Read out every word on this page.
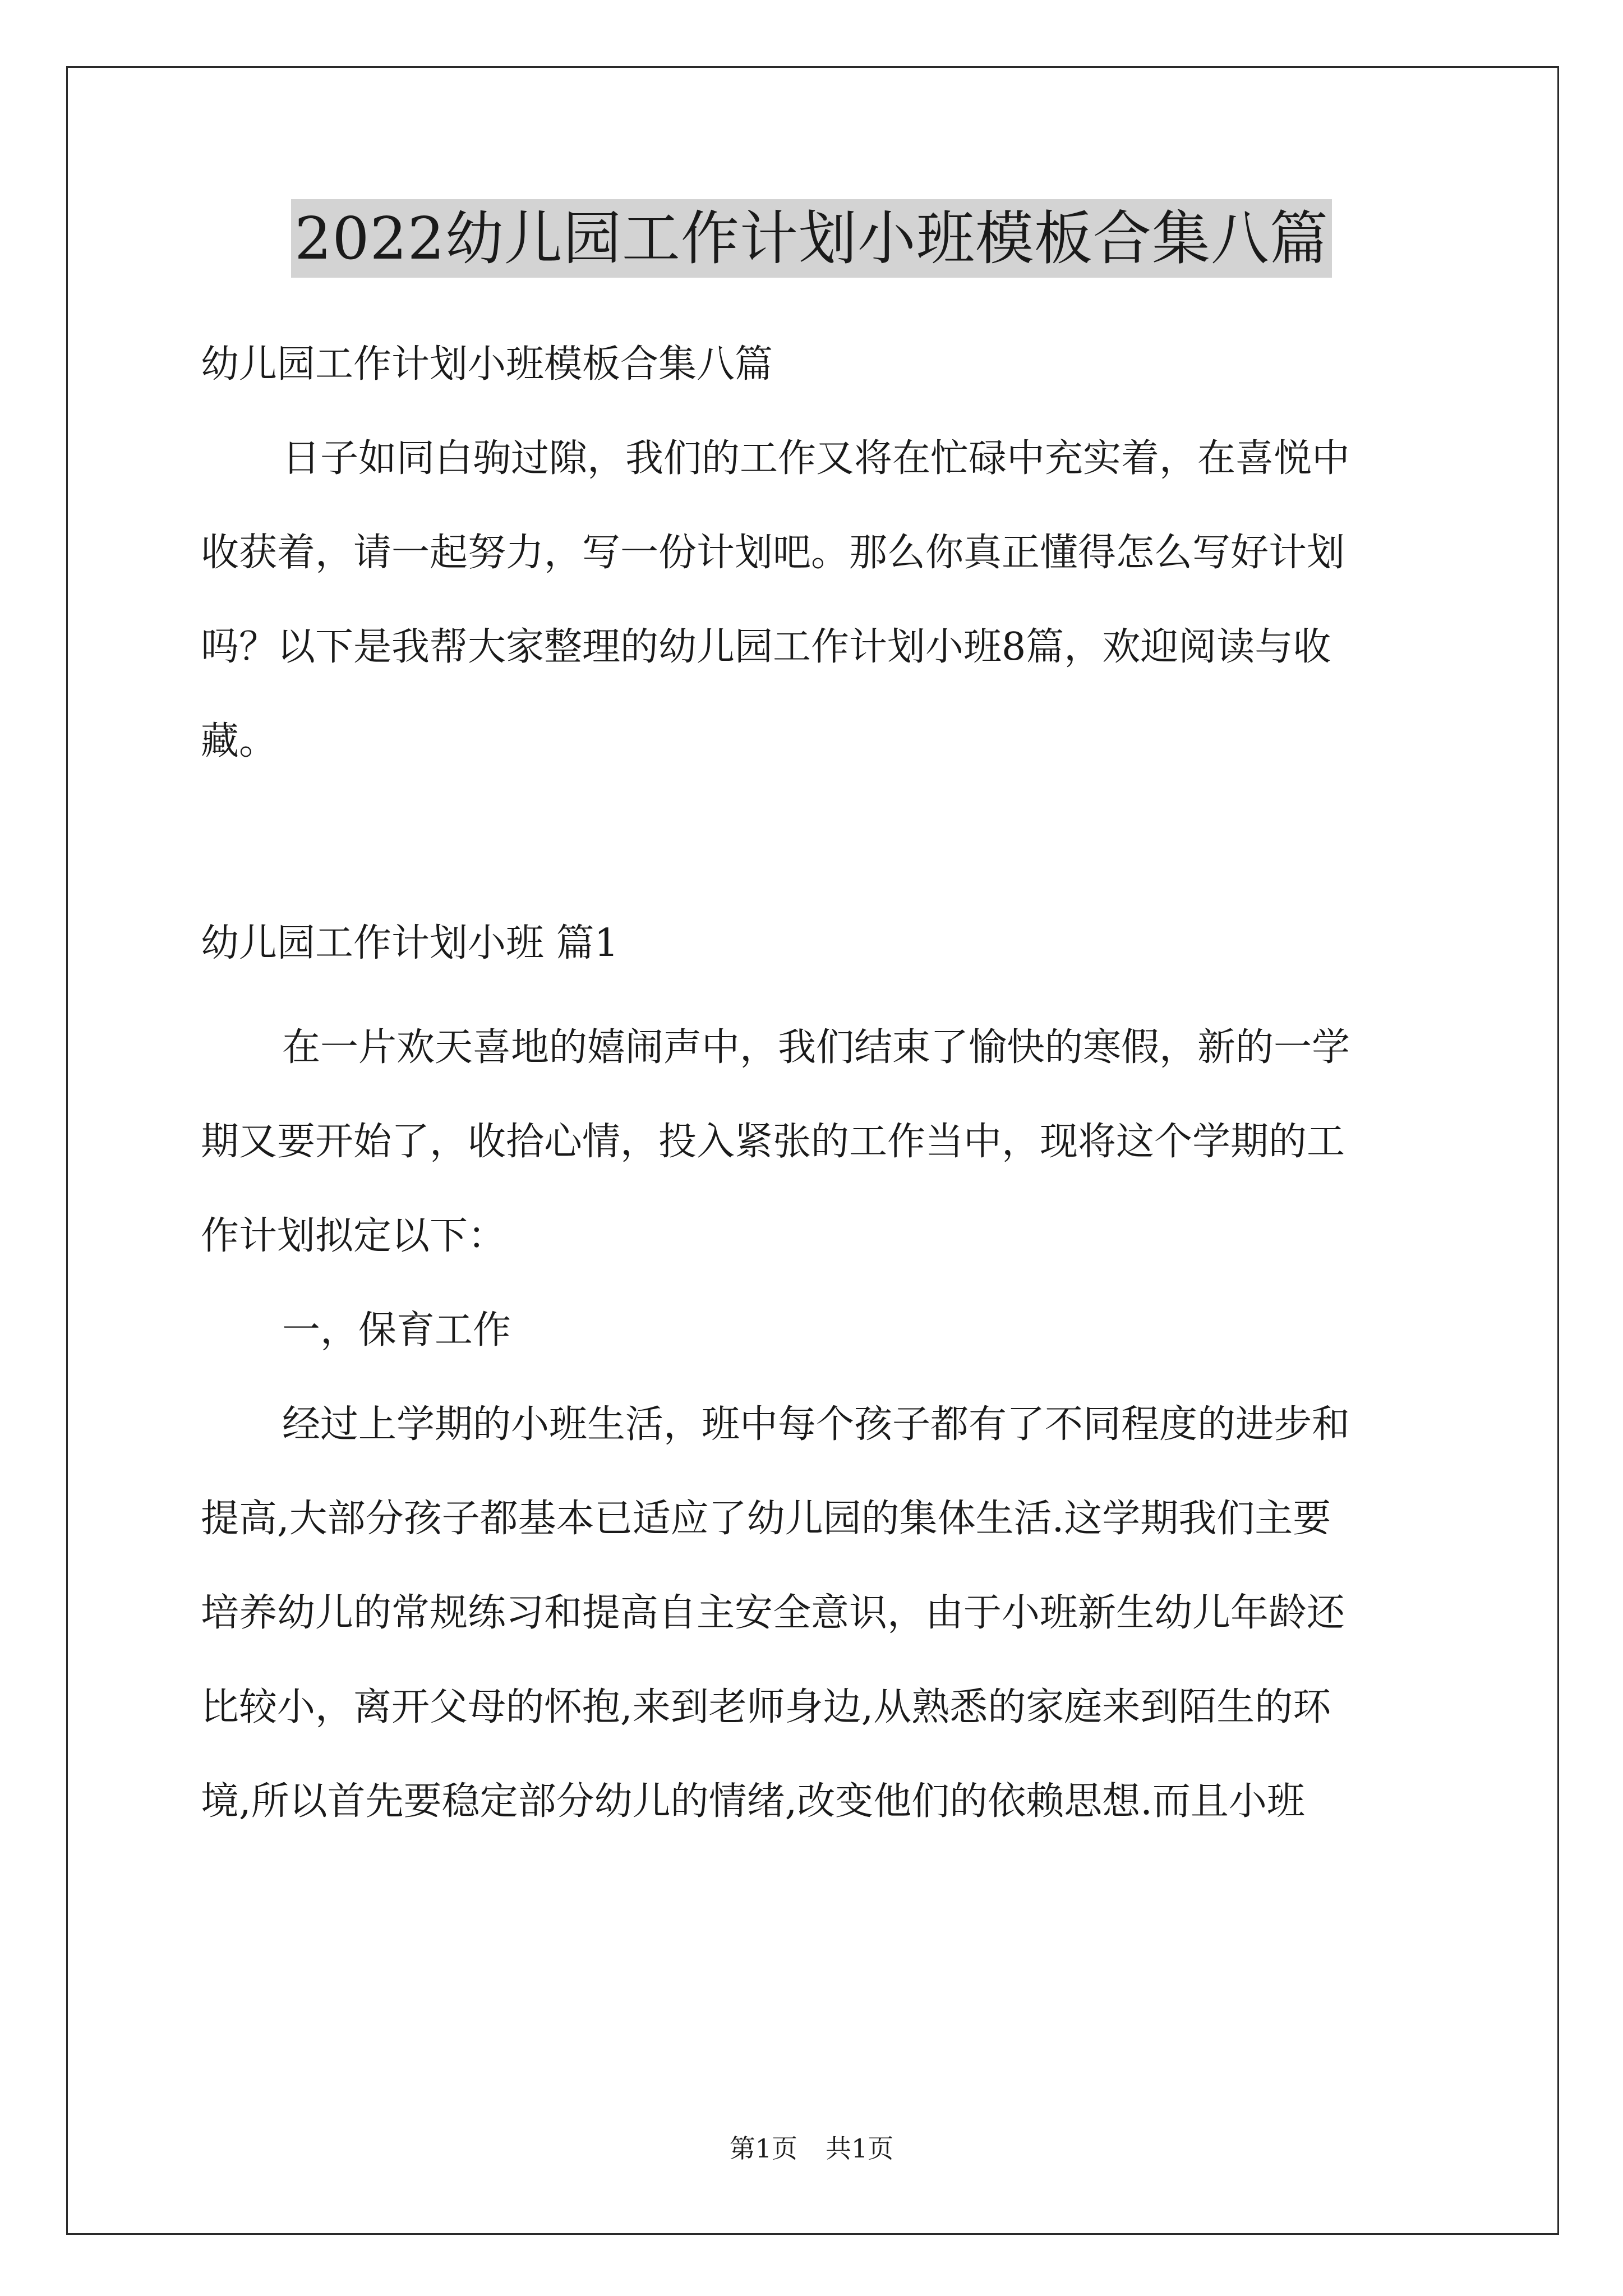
2022幼儿园工作计划小班模板合集八篇
幼儿园工作计划小班模板合集八篇
日子如同白驹过隙，我们的工作又将在忙碌中充实着，在喜悦中
收获着，请一起努力，写一份计划吧。那么你真正懂得怎么写好计划
吗？以下是我帮大家整理的幼儿园工作计划小班8篇，欢迎阅读与收
藏。
幼儿园工作计划小班 篇1
在一片欢天喜地的嬉闹声中，我们结束了愉快的寒假，新的一学
期又要开始了，收拾心情，投入紧张的工作当中，现将这个学期的工
作计划拟定以下：
一，保育工作
经过上学期的小班生活，班中每个孩子都有了不同程度的进步和
提高,大部分孩子都基本已适应了幼儿园的集体生活.这学期我们主要
培养幼儿的常规练习和提高自主安全意识，由于小班新生幼儿年龄还
比较小，离开父母的怀抱,来到老师身边,从熟悉的家庭来到陌生的环
境,所以首先要稳定部分幼儿的情绪,改变他们的依赖思想.而且小班
第1页 共1页
